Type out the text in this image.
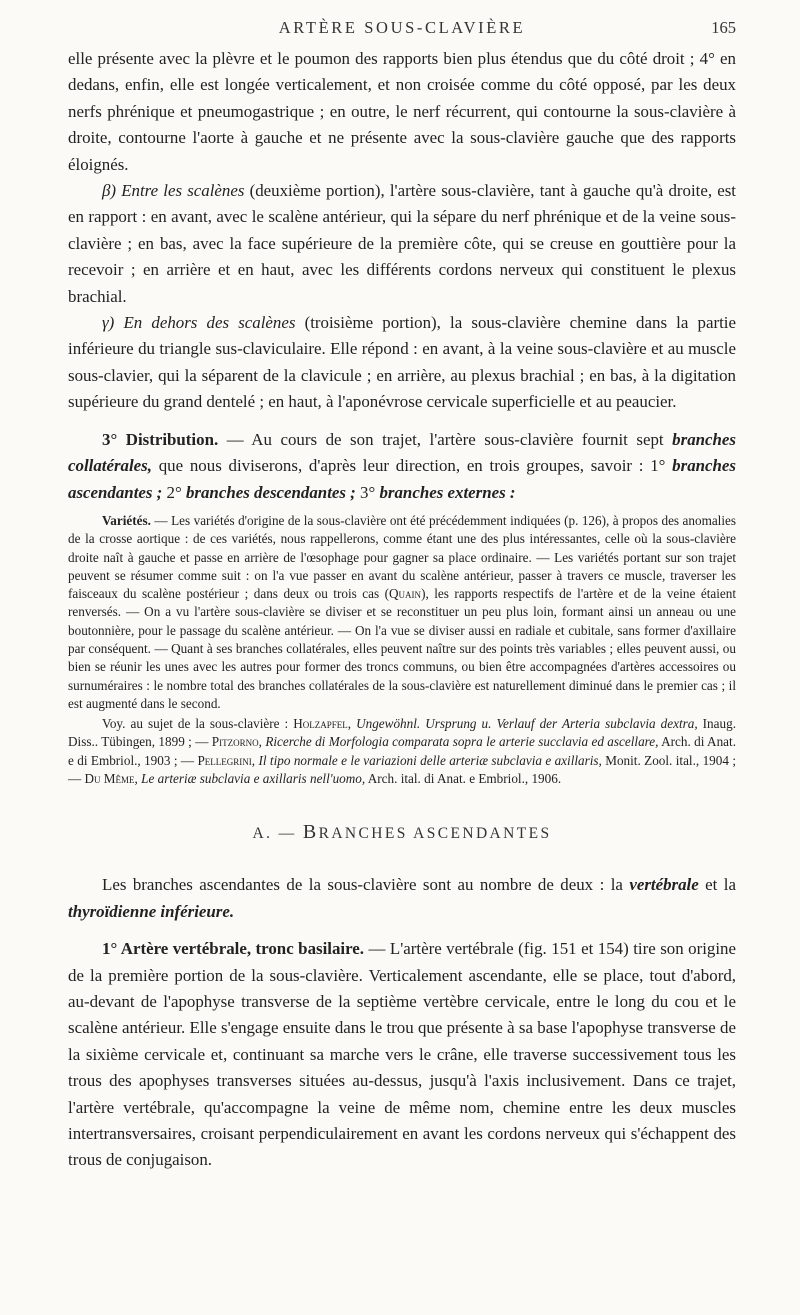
ARTÈRE SOUS-CLAVIÈRE	165

elle présente avec la plèvre et le poumon des rapports bien plus étendus que du côté droit ; 4° en dedans, enfin, elle est longée verticalement, et non croisée comme du côté opposé, par les deux nerfs phrénique et pneumogastrique ; en outre, le nerf récurrent, qui contourne la sous-clavière à droite, contourne l'aorte à gauche et ne présente avec la sous-clavière gauche que des rapports éloignés.

β) Entre les scalènes (deuxième portion), l'artère sous-clavière, tant à gauche qu'à droite, est en rapport : en avant, avec le scalène antérieur, qui la sépare du nerf phrénique et de la veine sous-clavière ; en bas, avec la face supérieure de la première côte, qui se creuse en gouttière pour la recevoir ; en arrière et en haut, avec les différents cordons nerveux qui constituent le plexus brachial.

γ) En dehors des scalènes (troisième portion), la sous-clavière chemine dans la partie inférieure du triangle sus-claviculaire. Elle répond : en avant, à la veine sous-clavière et au muscle sous-clavier, qui la séparent de la clavicule ; en arrière, au plexus brachial ; en bas, à la digitation supérieure du grand dentelé ; en haut, à l'aponévrose cervicale superficielle et au peaucier.

3° Distribution. — Au cours de son trajet, l'artère sous-clavière fournit sept branches collatérales, que nous diviserons, d'après leur direction, en trois groupes, savoir : 1° branches ascendantes ; 2° branches descendantes ; 3° branches externes :

Variétés. — Les variétés d'origine de la sous-clavière ont été précédemment indiquées (p. 126), à propos des anomalies de la crosse aortique : de ces variétés, nous rappellerons, comme étant une des plus intéressantes, celle où la sous-clavière droite naît à gauche et passe en arrière de l'œsophage pour gagner sa place ordinaire. — Les variétés portant sur son trajet peuvent se résumer comme suit : on l'a vue passer en avant du scalène antérieur, passer à travers ce muscle, traverser les faisceaux du scalène postérieur ; dans deux ou trois cas (Quain), les rapports respectifs de l'artère et de la veine étaient renversés. — On a vu l'artère sous-clavière se diviser et se reconstituer un peu plus loin, formant ainsi un anneau ou une boutonnière, pour le passage du scalène antérieur. — On l'a vue se diviser aussi en radiale et cubitale, sans former d'axillaire par conséquent. — Quant à ses branches collatérales, elles peuvent naître sur des points très variables ; elles peuvent aussi, ou bien se réunir les unes avec les autres pour former des troncs communs, ou bien être accompagnées d'artères accessoires ou surnuméraires : le nombre total des branches collatérales de la sous-clavière est naturellement diminué dans le premier cas ; il est augmenté dans le second.

Voy. au sujet de la sous-clavière : Holzapfel, Ungewöhnl. Ursprung u. Verlauf der Arteria subclavia dextra, Inaug. Diss.. Tübingen, 1899 ; — Pitzorno, Ricerche di Morfologia comparata sopra le arterie succlavia ed ascellare, Arch. di Anat. e di Embriol., 1903 ; — Pellegrini, Il tipo normale e le variazioni delle arteriæ subclavia e axillaris, Monit. Zool. ital., 1904 ; — Du Même, Le arteriæ subclavia e axillaris nell'uomo, Arch. ital. di Anat. e Embriol., 1906.

A. — BRANCHES ASCENDANTES

Les branches ascendantes de la sous-clavière sont au nombre de deux : la vertébrale et la thyroïdienne inférieure.

1° Artère vertébrale, tronc basilaire. — L'artère vertébrale (fig. 151 et 154) tire son origine de la première portion de la sous-clavière. Verticalement ascendante, elle se place, tout d'abord, au-devant de l'apophyse transverse de la septième vertèbre cervicale, entre le long du cou et le scalène antérieur. Elle s'engage ensuite dans le trou que présente à sa base l'apophyse transverse de la sixième cervicale et, continuant sa marche vers le crâne, elle traverse successivement tous les trous des apophyses transverses situées au-dessus, jusqu'à l'axis inclusivement. Dans ce trajet, l'artère vertébrale, qu'accompagne la veine de même nom, chemine entre les deux muscles intertransversaires, croisant perpendiculairement en avant les cordons nerveux qui s'échappent des trous de conjugaison.
